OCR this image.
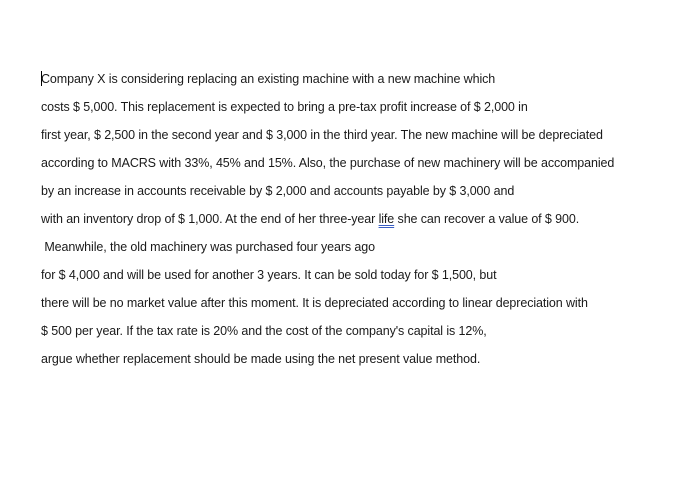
Company X is considering replacing an existing machine with a new machine which
costs $ 5,000. This replacement is expected to bring a pre-tax profit increase of $ 2,000 in
first year, $ 2,500 in the second year and $ 3,000 in the third year. The new machine will be depreciated
according to MACRS with 33%, 45% and 15%. Also, the purchase of new machinery will be accompanied
by an increase in accounts receivable by $ 2,000 and accounts payable by $ 3,000 and
with an inventory drop of $ 1,000. At the end of her three-year life she can recover a value of $ 900.
Meanwhile, the old machinery was purchased four years ago
for $ 4,000 and will be used for another 3 years. It can be sold today for $ 1,500, but
there will be no market value after this moment. It is depreciated according to linear depreciation with
$ 500 per year. If the tax rate is 20% and the cost of the company's capital is 12%,
argue whether replacement should be made using the net present value method.
